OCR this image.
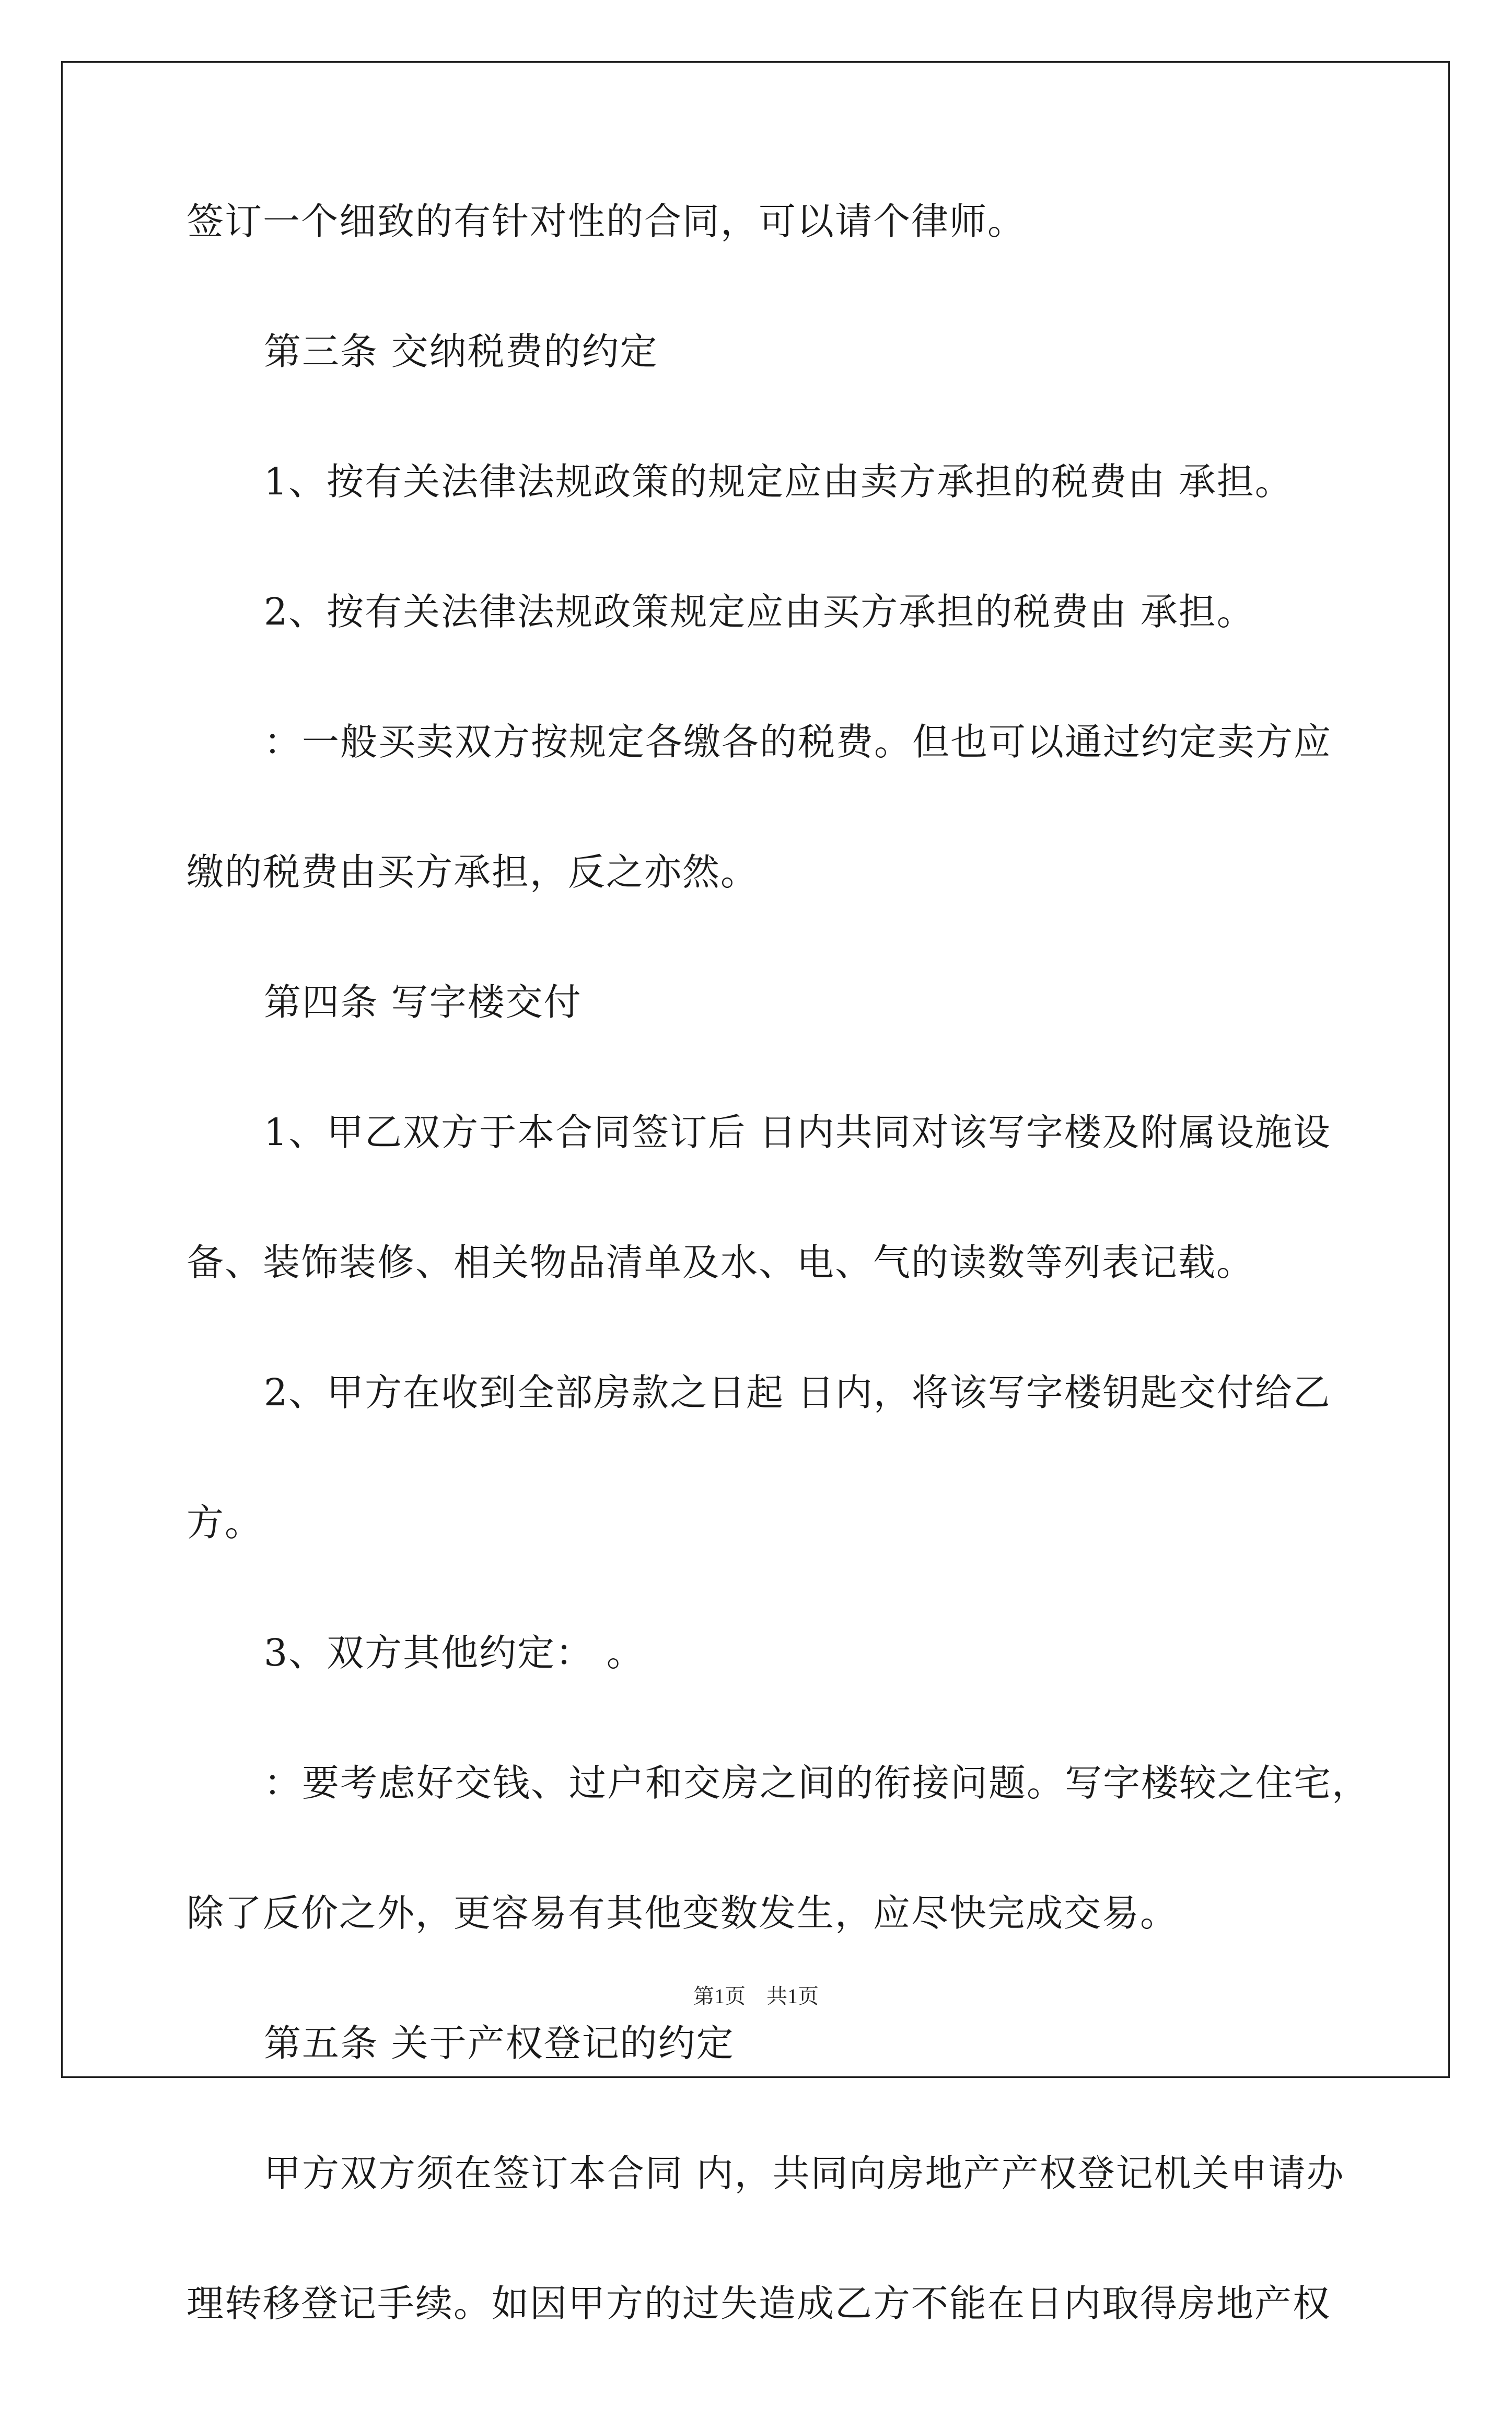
签订一个细致的有针对性的合同，可以请个律师。

第三条 交纳税费的约定

1、按有关法律法规政策的规定应由卖方承担的税费由 承担。

2、按有关法律法规政策规定应由买方承担的税费由 承担。

：一般买卖双方按规定各缴各的税费。但也可以通过约定卖方应

缴的税费由买方承担，反之亦然。

第四条 写字楼交付

1、甲乙双方于本合同签订后 日内共同对该写字楼及附属设施设

备、装饰装修、相关物品清单及水、电、气的读数等列表记载。

2、甲方在收到全部房款之日起 日内，将该写字楼钥匙交付给乙

方。

3、双方其他约定： 。

：要考虑好交钱、过户和交房之间的衔接问题。写字楼较之住宅，

除了反价之外，更容易有其他变数发生，应尽快完成交易。

第五条 关于产权登记的约定

甲方双方须在签订本合同 内，共同向房地产产权登记机关申请办

理转移登记手续。如因甲方的过失造成乙方不能在日内取得房地产权

第1页　共1页
